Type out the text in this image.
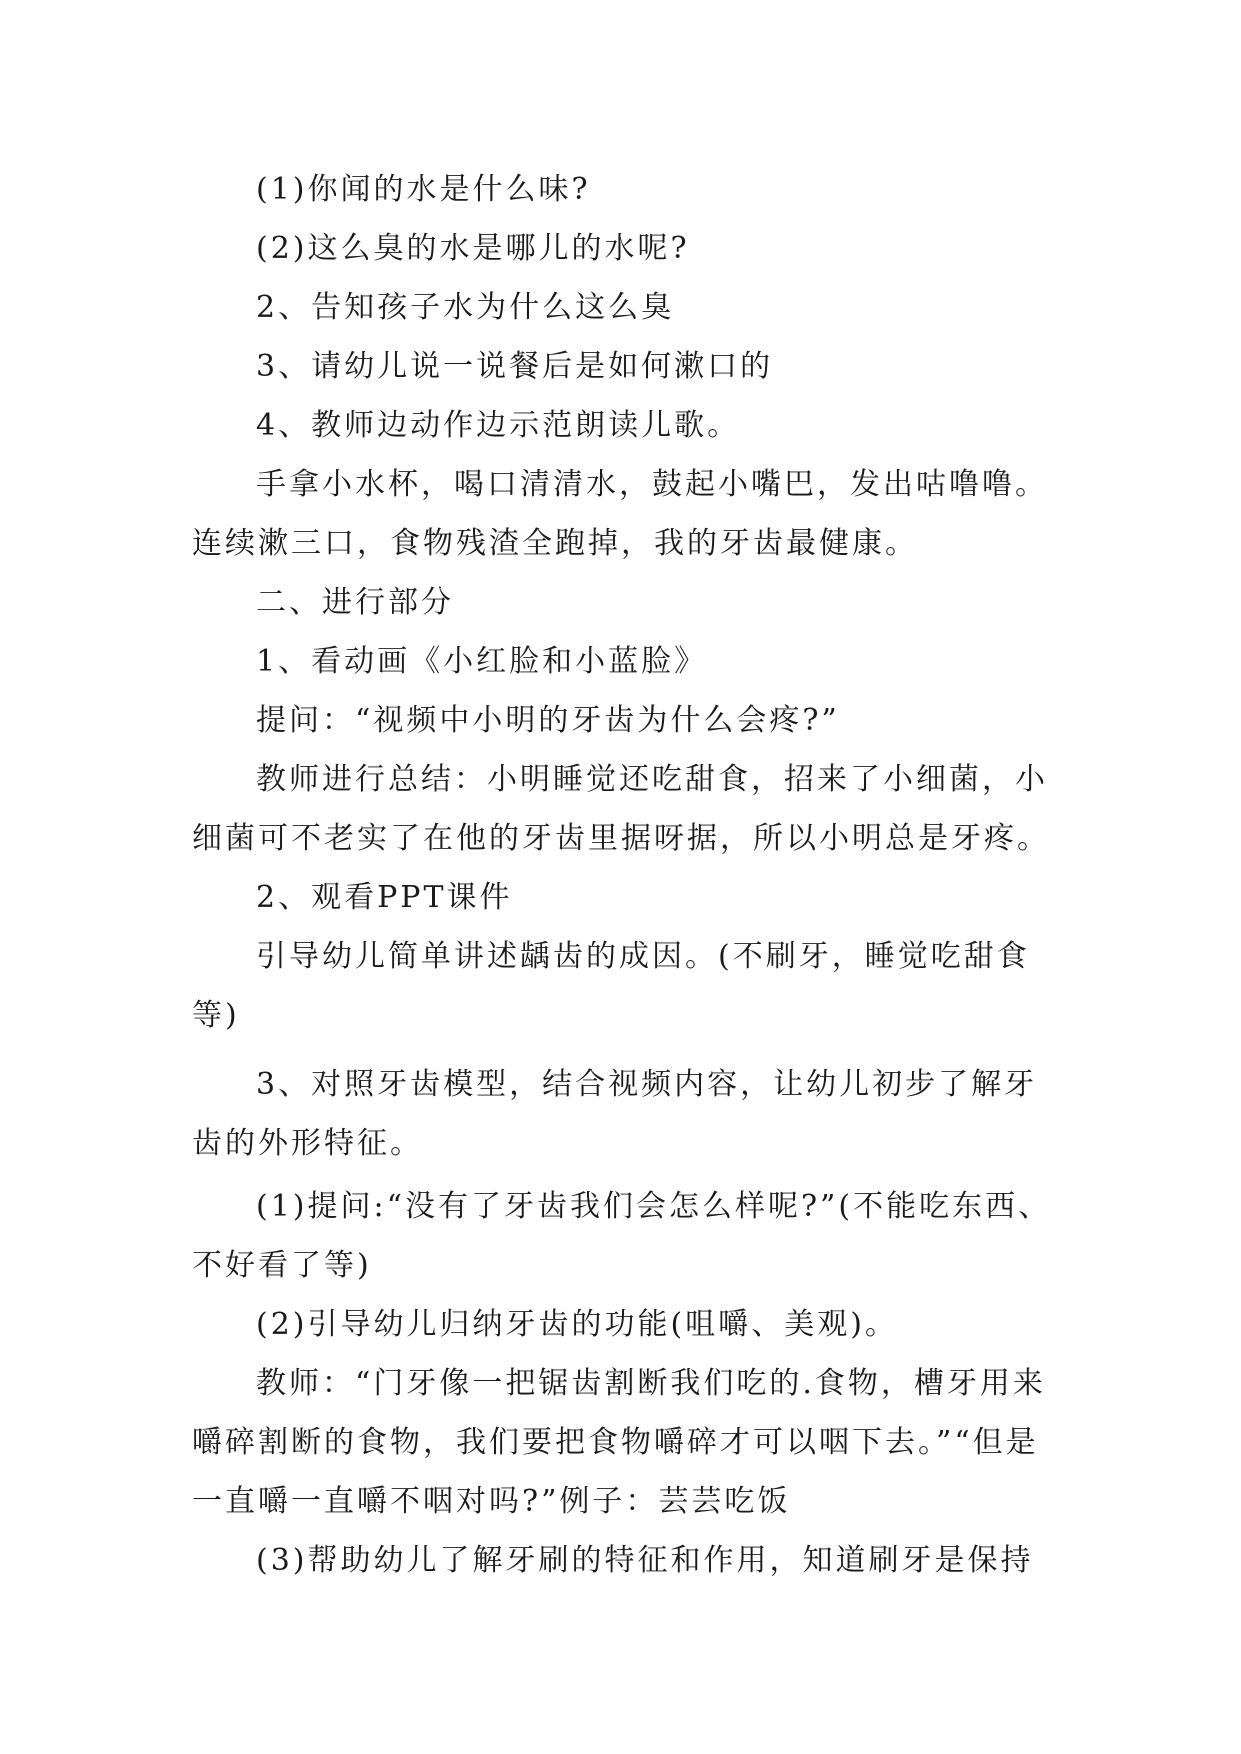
(1)你闻的水是什么味?
(2)这么臭的水是哪儿的水呢?
2、告知孩子水为什么这么臭
3、请幼儿说一说餐后是如何漱口的
4、教师边动作边示范朗读儿歌。
手拿小水杯，喝口清清水，鼓起小嘴巴，发出咕噜噜。
连续漱三口，食物残渣全跑掉，我的牙齿最健康。
二、进行部分
1、看动画《小红脸和小蓝脸》
提问：“视频中小明的牙齿为什么会疼?”
教师进行总结：小明睡觉还吃甜食，招来了小细菌，小
细菌可不老实了在他的牙齿里据呀据，所以小明总是牙疼。
2、观看PPT课件
引导幼儿简单讲述龋齿的成因。(不刷牙，睡觉吃甜食
等)
3、对照牙齿模型，结合视频内容，让幼儿初步了解牙
齿的外形特征。
(1)提问:“没有了牙齿我们会怎么样呢?”(不能吃东西、
不好看了等)
(2)引导幼儿归纳牙齿的功能(咀嚼、美观)。
教师：“门牙像一把锯齿割断我们吃的.食物，槽牙用来
嚼碎割断的食物，我们要把食物嚼碎才可以咽下去。”“但是
一直嚼一直嚼不咽对吗?”例子：芸芸吃饭
(3)帮助幼儿了解牙刷的特征和作用，知道刷牙是保持
